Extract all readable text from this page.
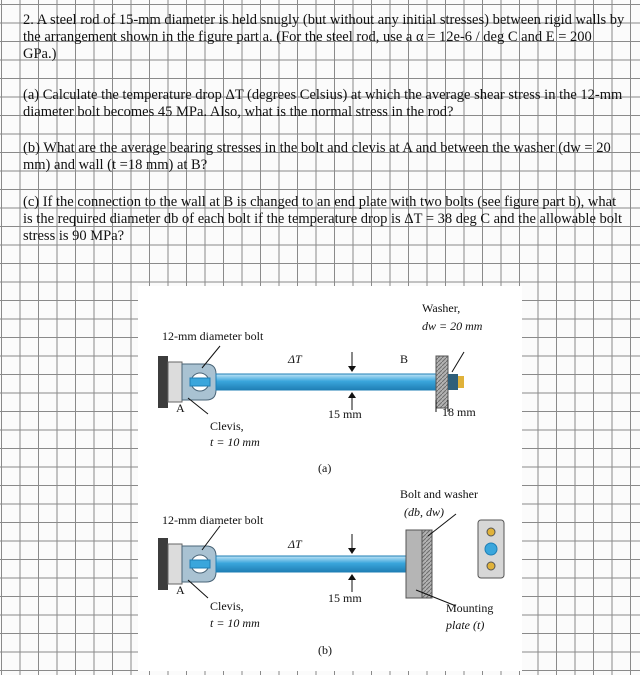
2. A steel rod of 15-mm diameter is held snugly (but without any initial stresses) between rigid walls by the arrangement shown in the figure part a. (For the steel rod, use a α = 12e-6 / deg C and E = 200 GPa.)

(a) Calculate the temperature drop ΔT (degrees Celsius) at which the average shear stress in the 12-mm diameter bolt becomes 45 MPa. Also, what is the normal stress in the rod?

(b) What are the average bearing stresses in the bolt and clevis at A and between the washer (dw = 20 mm) and wall (t =18 mm) at B?

(c) If the connection to the wall at B is changed to an end plate with two bolts (see figure part b), what is the required diameter db of each bolt if the temperature drop is ΔT = 38 deg C and the allowable bolt stress is 90 MPa?

12-mm diameter bolt
ΔT	B
A
Washer,
dw = 20 mm
15 mm	18 mm
Clevis,
t = 10 mm
(a)
12-mm diameter bolt
ΔT
A
Bolt and washer
(db, dw)
15 mm
Clevis,
t = 10 mm
Mounting
plate (t)
(b)
